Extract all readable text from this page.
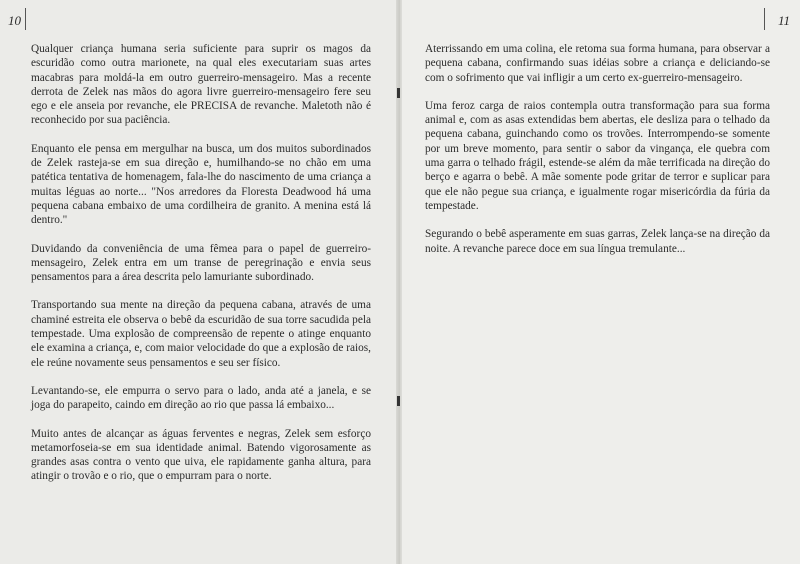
10

Qualquer criança humana seria suficiente para suprir os magos da escuridão como outra marionete, na qual eles executariam suas artes macabras para moldá-la em outro guerreiro-mensageiro. Mas a recente derrota de Zelek nas mãos do agora livre guerreiro-mensageiro fere seu ego e ele anseia por revanche, ele PRECISA de revanche. Maletoth não é reconhecido por sua paciência.

Enquanto ele pensa em mergulhar na busca, um dos muitos subordinados de Zelek rasteja-se em sua direção e, humilhando-se no chão em uma patética tentativa de homenagem, fala-lhe do nascimento de uma criança a muitas léguas ao norte... "Nos arredores da Floresta Deadwood há uma pequena cabana embaixo de uma cordilheira de granito. A menina está lá dentro."

Duvidando da conveniência de uma fêmea para o papel de guerreiro-mensageiro, Zelek entra em um transe de peregrinação e envia seus pensamentos para a área descrita pelo lamuriante subordinado.

Transportando sua mente na direção da pequena cabana, através de uma chaminé estreita ele observa o bebê da escuridão de sua torre sacudida pela tempestade. Uma explosão de compreensão de repente o atinge enquanto ele examina a criança, e, com maior velocidade do que a explosão de raios, ele reúne novamente seus pensamentos e seu ser físico.

Levantando-se, ele empurra o servo para o lado, anda até a janela, e se joga do parapeito, caindo em direção ao rio que passa lá embaixo...

Muito antes de alcançar as águas ferventes e negras, Zelek sem esforço metamorfoseia-se em sua identidade animal. Batendo vigorosamente as grandes asas contra o vento que uiva, ele rapidamente ganha altura, para atingir o trovão e o rio, que o empurram para o norte.

11

Aterrissando em uma colina, ele retoma sua forma humana, para observar a pequena cabana, confirmando suas idéias sobre a criança e deliciando-se com o sofrimento que vai infligir a um certo ex-guerreiro-mensageiro.

Uma feroz carga de raios contempla outra transformação para sua forma animal e, com as asas extendidas bem abertas, ele desliza para o telhado da pequena cabana, guinchando como os trovões. Interrompendo-se somente por um breve momento, para sentir o sabor da vingança, ele quebra com uma garra o telhado frágil, estende-se além da mãe terrificada na direção do berço e agarra o bebê. A mãe somente pode gritar de terror e suplicar para que ele não pegue sua criança, e igualmente rogar misericórdia da fúria da tempestade.

Segurando o bebê asperamente em suas garras, Zelek lança-se na direção da noite. A revanche parece doce em sua língua tremulante...
